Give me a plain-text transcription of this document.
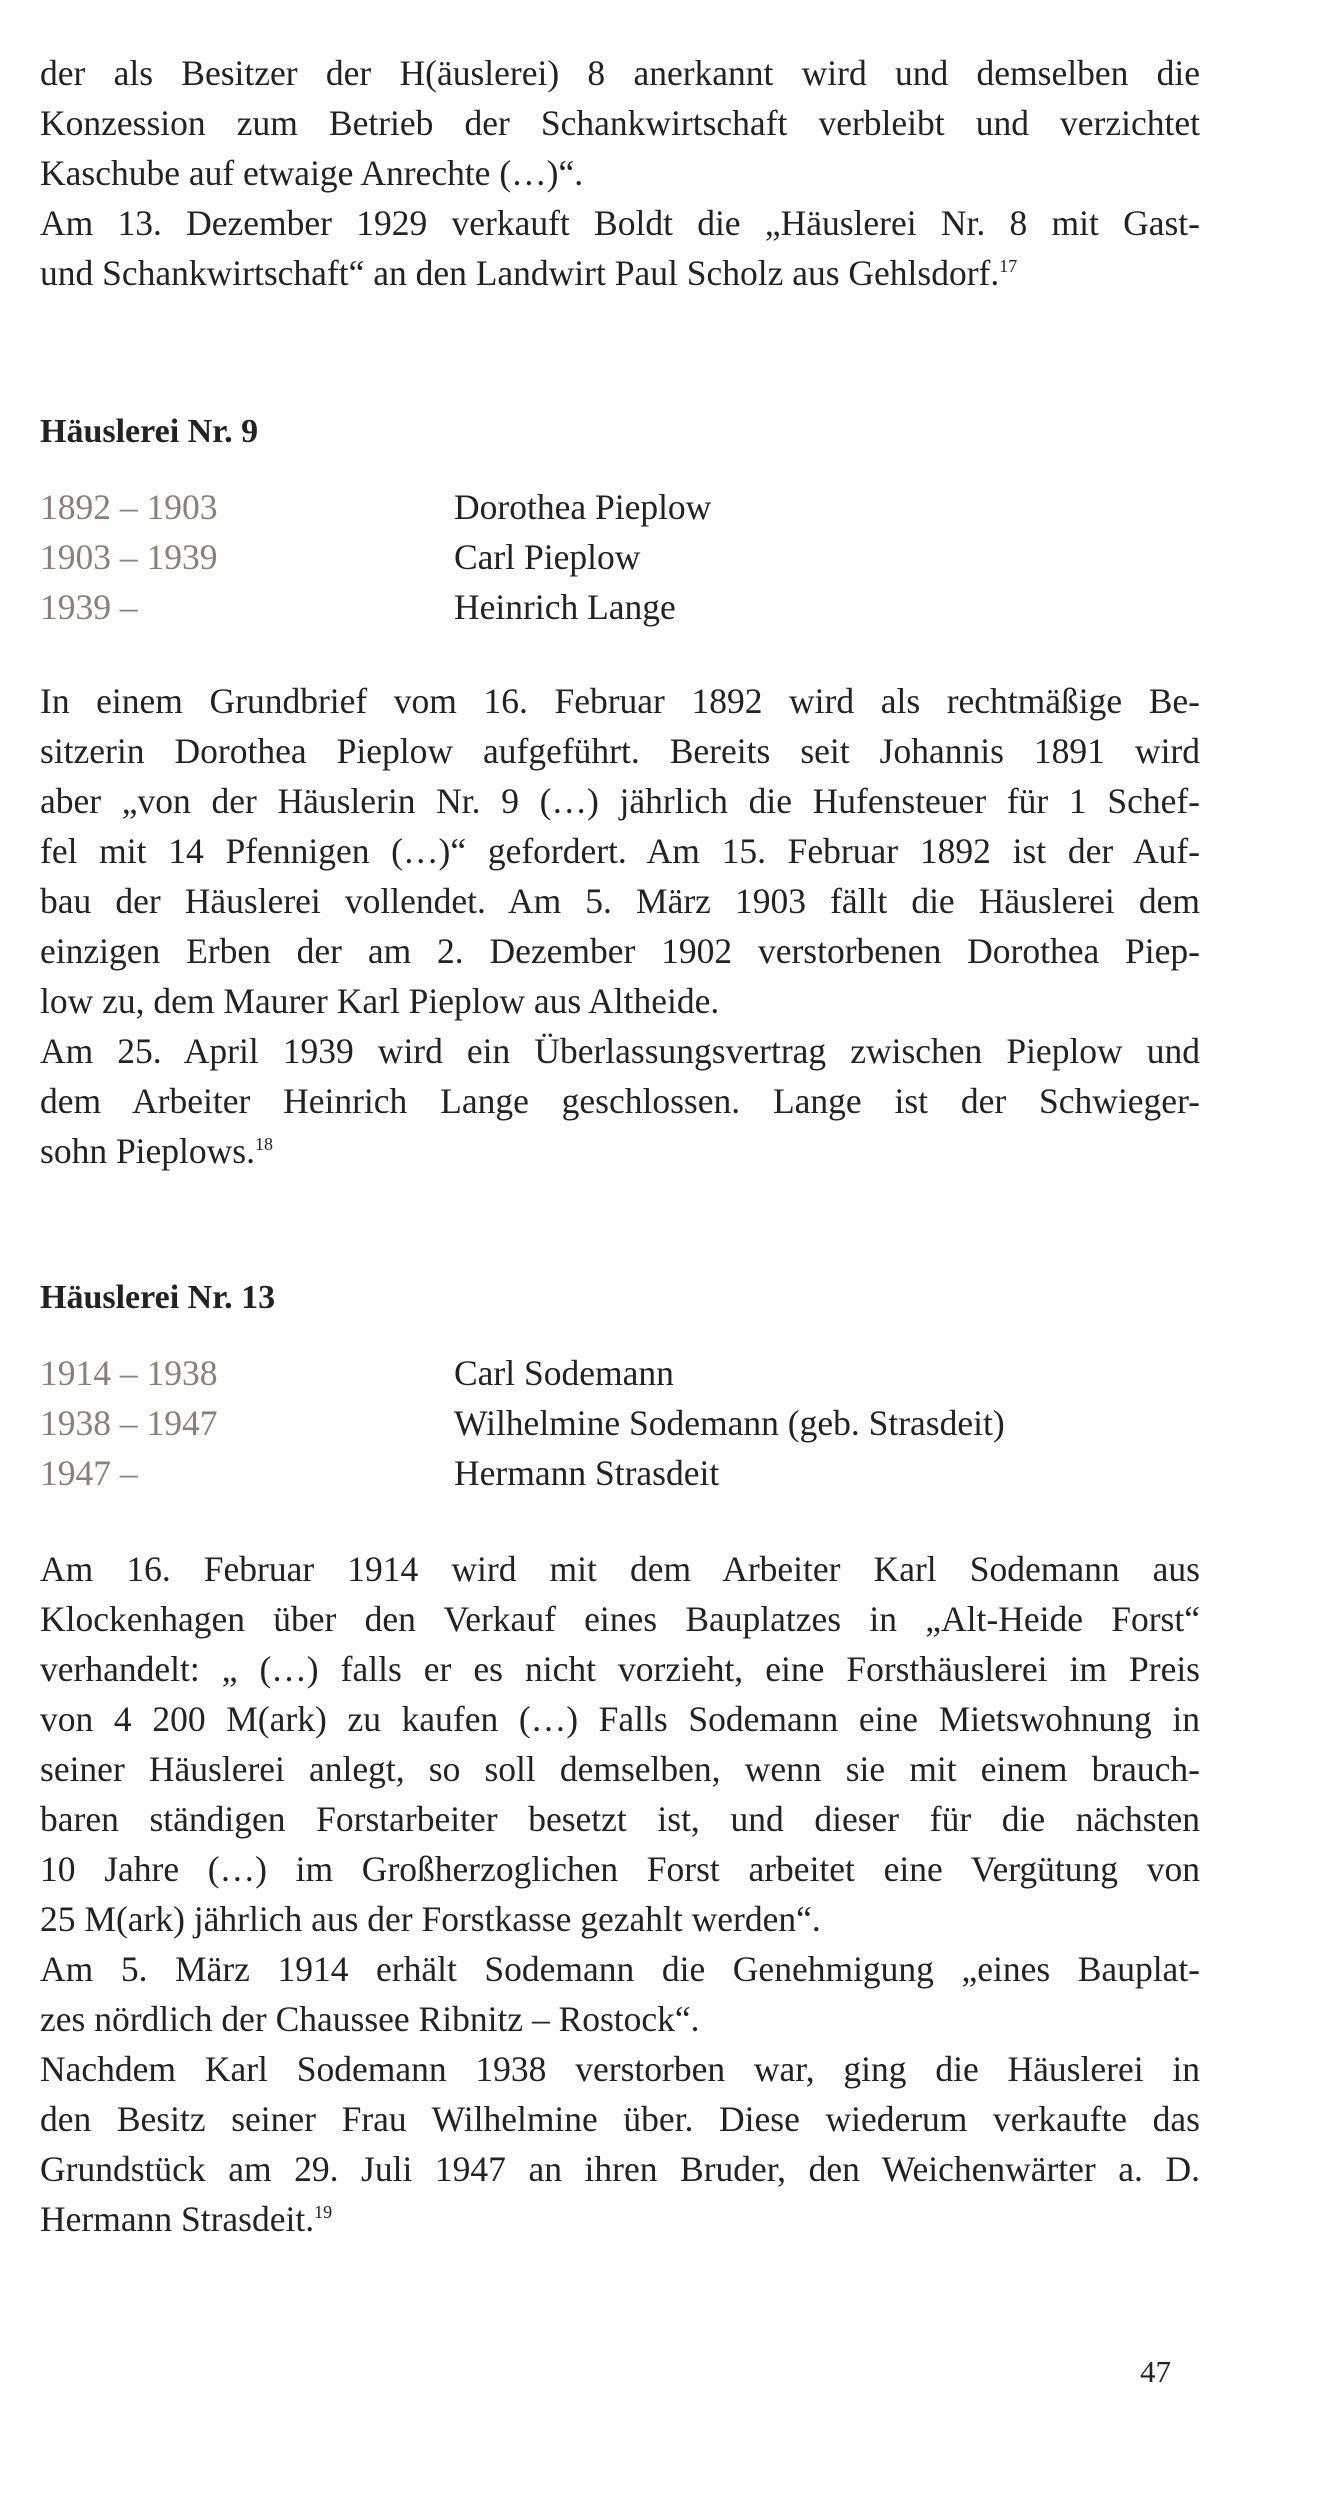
der als Besitzer der H(äuslerei) 8 anerkannt wird und demselben die
Konzession zum Betrieb der Schankwirtschaft verbleibt und verzichtet
Kaschube auf etwaige Anrechte (…)“.

Am 13. Dezember 1929 verkauft Boldt die „Häuslerei Nr. 8 mit Gast-
und Schankwirtschaft“ an den Landwirt Paul Scholz aus Gehlsdorf.$^{17}$

Häuslerei Nr. 9
1892 – 1903	Dorothea Pieplow
1903 – 1939	Carl Pieplow
1939 –	Heinrich Lange

In einem Grundbrief vom 16. Februar 1892 wird als rechtmäßige Be-
sitzerin Dorothea Pieplow aufgeführt. Bereits seit Johannis 1891 wird
aber „von der Häuslerin Nr. 9 (…) jährlich die Hufensteuer für 1 Schef-
fel mit 14 Pfennigen (…)“ gefordert. Am 15. Februar 1892 ist der Auf-
bau der Häuslerei vollendet. Am 5. März 1903 fällt die Häuslerei dem
einzigen Erben der am 2. Dezember 1902 verstorbenen Dorothea Piep-
low zu, dem Maurer Karl Pieplow aus Altheide.

Am 25. April 1939 wird ein Überlassungsvertrag zwischen Pieplow und
dem Arbeiter Heinrich Lange geschlossen. Lange ist der Schwieger-
sohn Pieplows.$^{18}$

Häuslerei Nr. 13
1914 – 1938	Carl Sodemann
1938 – 1947	Wilhelmine Sodemann (geb. Strasdeit)
1947 –	Hermann Strasdeit

Am 16. Februar 1914 wird mit dem Arbeiter Karl Sodemann aus
Klockenhagen über den Verkauf eines Bauplatzes in „Alt-Heide Forst“
verhandelt: „ (…) falls er es nicht vorzieht, eine Forsthäuslerei im Preis
von 4 200 M(ark) zu kaufen (…) Falls Sodemann eine Mietswohnung in
seiner Häuslerei anlegt, so soll demselben, wenn sie mit einem brauch-
baren ständigen Forstarbeiter besetzt ist, und dieser für die nächsten
10 Jahre (…) im Großherzoglichen Forst arbeitet eine Vergütung von
25 M(ark) jährlich aus der Forstkasse gezahlt werden“.

Am 5. März 1914 erhält Sodemann die Genehmigung „eines Bauplat-
zes nördlich der Chaussee Ribnitz – Rostock“.

Nachdem Karl Sodemann 1938 verstorben war, ging die Häuslerei in
den Besitz seiner Frau Wilhelmine über. Diese wiederum verkaufte das
Grundstück am 29. Juli 1947 an ihren Bruder, den Weichenwärter a. D.
Hermann Strasdeit.$^{19}$

47
